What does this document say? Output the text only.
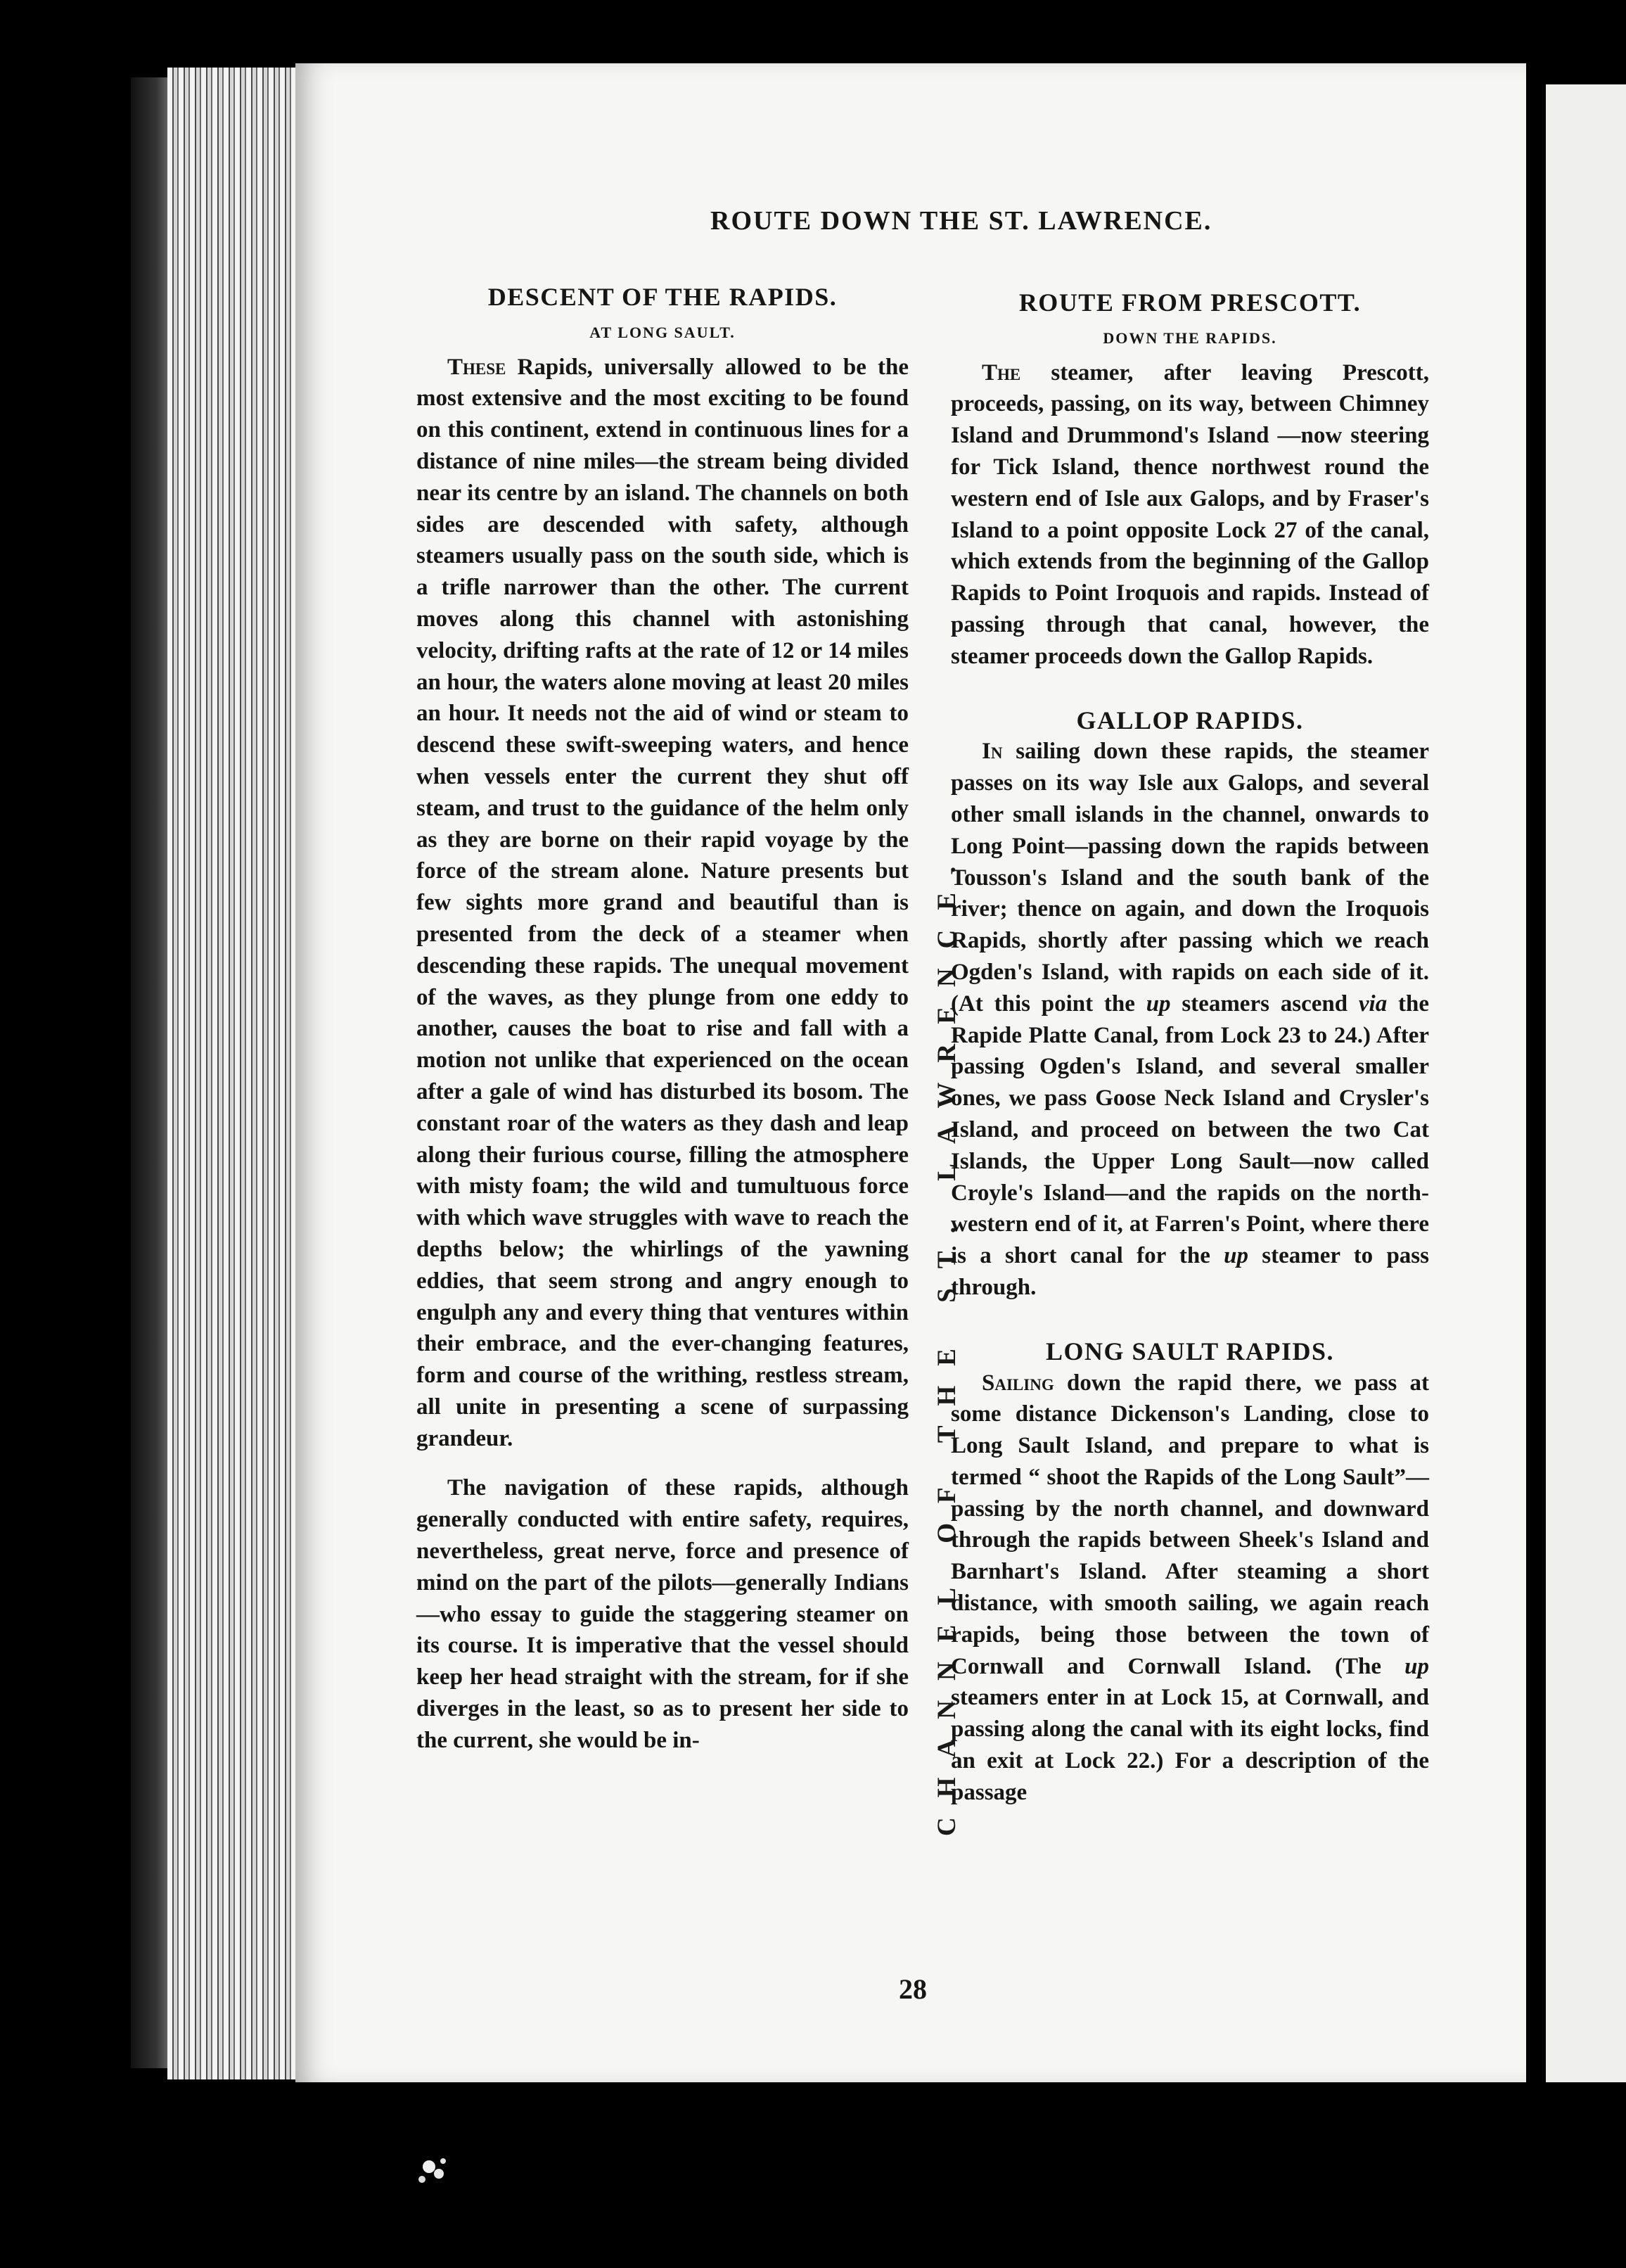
ROUTE DOWN THE ST. LAWRENCE.

DESCENT OF THE RAPIDS.

AT LONG SAULT.

These Rapids, universally allowed to be the most extensive and the most exciting to be found on this continent, extend in continuous lines for a distance of nine miles—the stream being divided near its centre by an island. The channels on both sides are descended with safety, although steamers usually pass on the south side, which is a trifle narrower than the other. The current moves along this channel with astonishing velocity, drifting rafts at the rate of 12 or 14 miles an hour, the waters alone moving at least 20 miles an hour. It needs not the aid of wind or steam to descend these swift-sweeping waters, and hence when vessels enter the current they shut off steam, and trust to the guidance of the helm only as they are borne on their rapid voyage by the force of the stream alone. Nature presents but few sights more grand and beautiful than is presented from the deck of a steamer when descending these rapids. The unequal movement of the waves, as they plunge from one eddy to another, causes the boat to rise and fall with a motion not unlike that experienced on the ocean after a gale of wind has disturbed its bosom. The constant roar of the waters as they dash and leap along their furious course, filling the atmosphere with misty foam; the wild and tumultuous force with which wave struggles with wave to reach the depths below; the whirlings of the yawning eddies, that seem strong and angry enough to engulph any and every thing that ventures within their embrace, and the ever-changing features, form and course of the writhing, restless stream, all unite in presenting a scene of surpassing grandeur.

The navigation of these rapids, although generally conducted with entire safety, requires, nevertheless, great nerve, force and presence of mind on the part of the pilots—generally Indians—who essay to guide the staggering steamer on its course. It is imperative that the vessel should keep her head straight with the stream, for if she diverges in the least, so as to present her side to the current, she would be in-	CHANNEL OF THE ST. LAWRENCE.

ROUTE FROM PRESCOTT.

DOWN THE RAPIDS.

The steamer, after leaving Prescott, proceeds, passing, on its way, between Chimney Island and Drummond's Island —now steering for Tick Island, thence northwest round the western end of Isle aux Galops, and by Fraser's Island to a point opposite Lock 27 of the canal, which extends from the beginning of the Gallop Rapids to Point Iroquois and rapids. Instead of passing through that canal, however, the steamer proceeds down the Gallop Rapids.

GALLOP RAPIDS.

In sailing down these rapids, the steamer passes on its way Isle aux Galops, and several other small islands in the channel, onwards to Long Point—passing down the rapids between Tousson's Island and the south bank of the river; thence on again, and down the Iroquois Rapids, shortly after passing which we reach Ogden's Island, with rapids on each side of it. (At this point the up steamers ascend via the Rapide Platte Canal, from Lock 23 to 24.) After passing Ogden's Island, and several smaller ones, we pass Goose Neck Island and Crysler's Island, and proceed on between the two Cat Islands, the Upper Long Sault—now called Croyle's Island—and the rapids on the north-western end of it, at Farren's Point, where there is a short canal for the up steamer to pass through.

LONG SAULT RAPIDS.

Sailing down the rapid there, we pass at some distance Dickenson's Landing, close to Long Sault Island, and prepare to what is termed “ shoot the Rapids of the Long Sault”—passing by the north channel, and downward through the rapids between Sheek's Island and Barnhart's Island. After steaming a short distance, with smooth sailing, we again reach rapids, being those between the town of Cornwall and Cornwall Island. (The up steamers enter in at Lock 15, at Cornwall, and passing along the canal with its eight locks, find an exit at Lock 22.) For a description of the passage

28
